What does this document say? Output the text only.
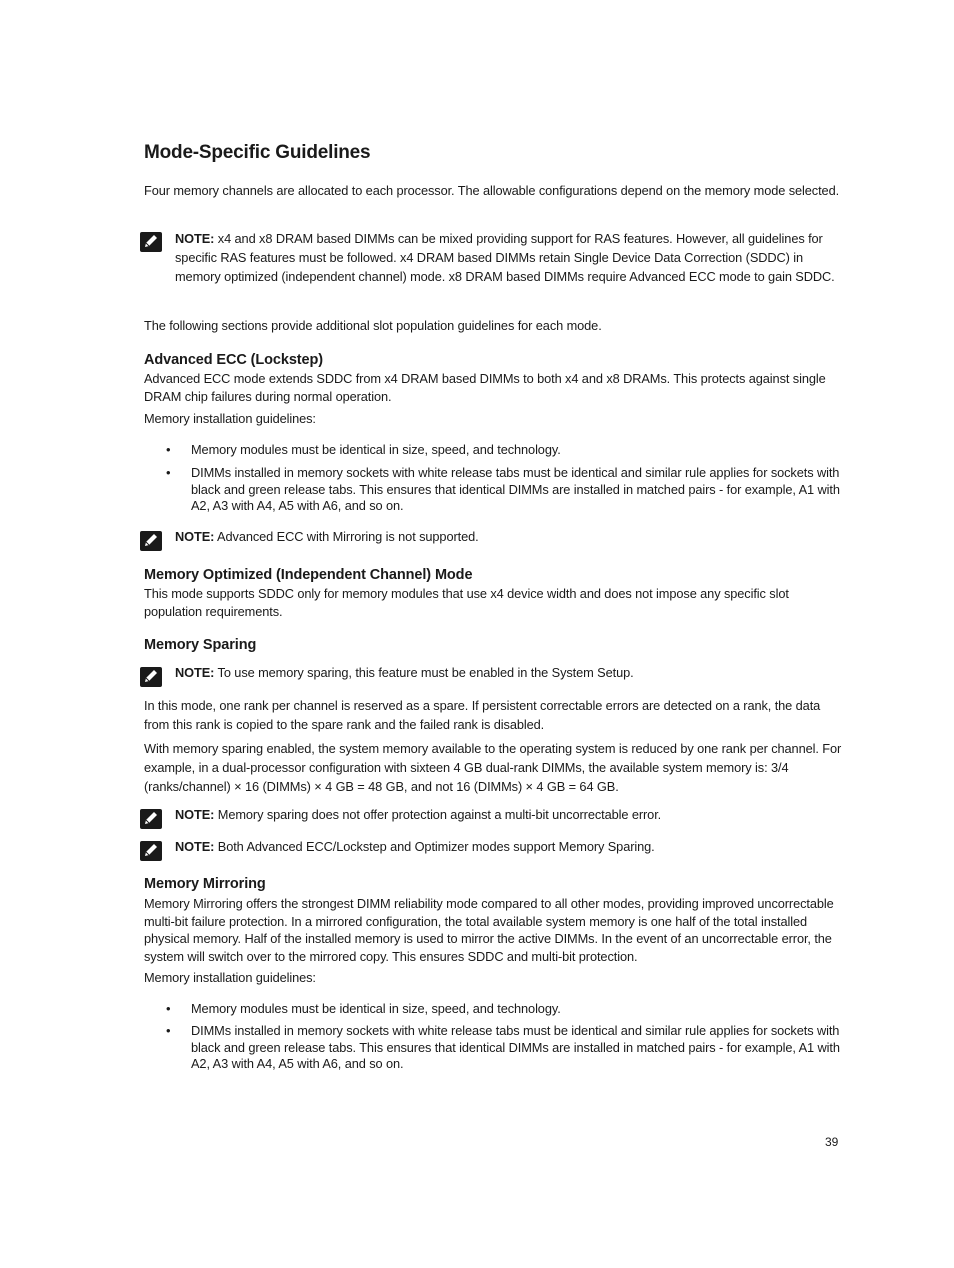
Mode-Specific Guidelines
Four memory channels are allocated to each processor. The allowable configurations depend on the memory mode selected.
NOTE: x4 and x8 DRAM based DIMMs can be mixed providing support for RAS features. However, all guidelines for specific RAS features must be followed. x4 DRAM based DIMMs retain Single Device Data Correction (SDDC) in memory optimized (independent channel) mode. x8 DRAM based DIMMs require Advanced ECC mode to gain SDDC.
The following sections provide additional slot population guidelines for each mode.
Advanced ECC (Lockstep)
Advanced ECC mode extends SDDC from x4 DRAM based DIMMs to both x4 and x8 DRAMs. This protects against single DRAM chip failures during normal operation.
Memory installation guidelines:
• Memory modules must be identical in size, speed, and technology.
• DIMMs installed in memory sockets with white release tabs must be identical and similar rule applies for sockets with black and green release tabs. This ensures that identical DIMMs are installed in matched pairs - for example, A1 with A2, A3 with A4, A5 with A6, and so on.
NOTE: Advanced ECC with Mirroring is not supported.
Memory Optimized (Independent Channel) Mode
This mode supports SDDC only for memory modules that use x4 device width and does not impose any specific slot population requirements.
Memory Sparing
NOTE: To use memory sparing, this feature must be enabled in the System Setup.
In this mode, one rank per channel is reserved as a spare. If persistent correctable errors are detected on a rank, the data from this rank is copied to the spare rank and the failed rank is disabled.
With memory sparing enabled, the system memory available to the operating system is reduced by one rank per channel. For example, in a dual-processor configuration with sixteen 4 GB dual-rank DIMMs, the available system memory is: 3/4 (ranks/channel) × 16 (DIMMs) × 4 GB = 48 GB, and not 16 (DIMMs) × 4 GB = 64 GB.
NOTE: Memory sparing does not offer protection against a multi-bit uncorrectable error.
NOTE: Both Advanced ECC/Lockstep and Optimizer modes support Memory Sparing.
Memory Mirroring
Memory Mirroring offers the strongest DIMM reliability mode compared to all other modes, providing improved uncorrectable multi-bit failure protection. In a mirrored configuration, the total available system memory is one half of the total installed physical memory. Half of the installed memory is used to mirror the active DIMMs. In the event of an uncorrectable error, the system will switch over to the mirrored copy. This ensures SDDC and multi-bit protection.
Memory installation guidelines:
• Memory modules must be identical in size, speed, and technology.
• DIMMs installed in memory sockets with white release tabs must be identical and similar rule applies for sockets with black and green release tabs. This ensures that identical DIMMs are installed in matched pairs - for example, A1 with A2, A3 with A4, A5 with A6, and so on.
39
